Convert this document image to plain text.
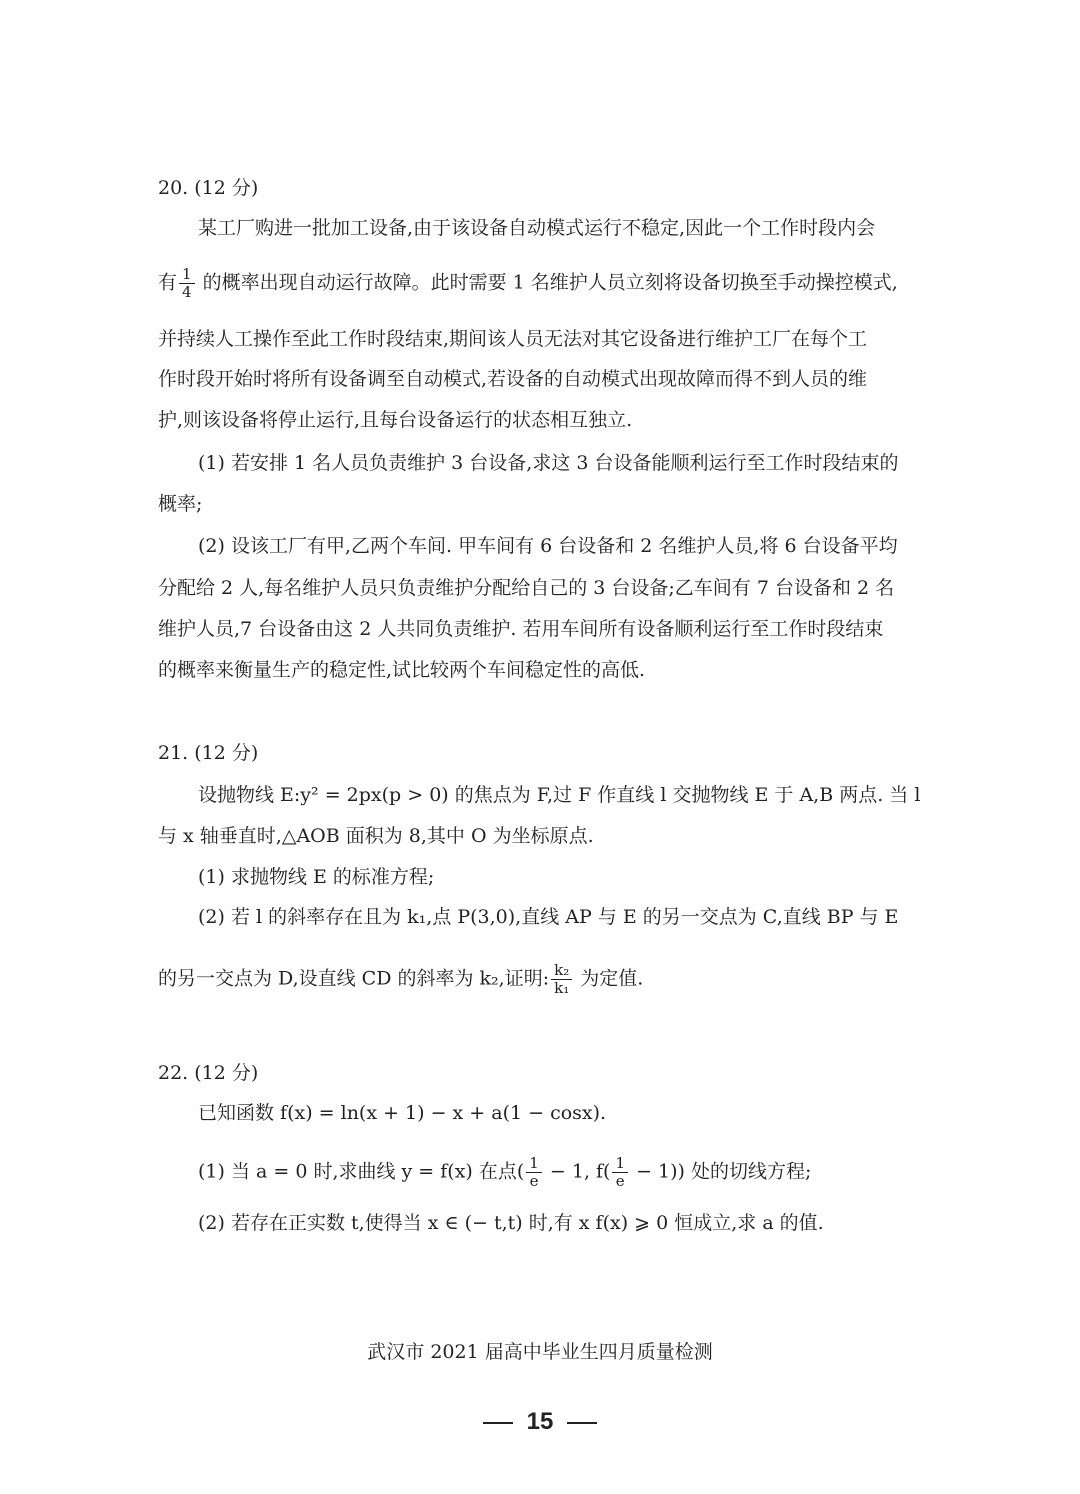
20. (12 分)
某工厂购进一批加工设备,由于该设备自动模式运行不稳定,因此一个工作时段内会
有 $\frac{1}{4}$ 的概率出现自动运行故障。此时需要 1 名维护人员立刻将设备切换至手动操控模式,
并持续人工操作至此工作时段结束,期间该人员无法对其它设备进行维护工厂在每个工
作时段开始时将所有设备调至自动模式,若设备的自动模式出现故障而得不到人员的维
护,则该设备将停止运行,且每台设备运行的状态相互独立.
(1) 若安排 1 名人员负责维护 3 台设备,求这 3 台设备能顺利运行至工作时段结束的
概率;
(2) 设该工厂有甲,乙两个车间. 甲车间有 6 台设备和 2 名维护人员,将 6 台设备平均
分配给 2 人,每名维护人员只负责维护分配给自己的 3 台设备;乙车间有 7 台设备和 2 名
维护人员,7 台设备由这 2 人共同负责维护. 若用车间所有设备顺利运行至工作时段结束
的概率来衡量生产的稳定性,试比较两个车间稳定性的高低.
21. (12 分)
设抛物线 E:y² = 2px(p > 0) 的焦点为 F,过 F 作直线 l 交抛物线 E 于 A,B 两点. 当 l
与 x 轴垂直时,△AOB 面积为 8,其中 O 为坐标原点.
(1) 求抛物线 E 的标准方程;
(2) 若 l 的斜率存在且为 k₁,点 P(3,0),直线 AP 与 E 的另一交点为 C,直线 BP 与 E
的另一交点为 D,设直线 CD 的斜率为 k₂,证明: $\frac{\text{k₂}}{\text{k₁}}$ 为定值.
22. (12 分)
已知函数 f(x) = ln(x + 1) − x + a(1 − cosx).
(1) 当 a = 0 时,求曲线 y = f(x) 在点( $\frac{1}{e} - 1$, $f( \frac{1}{e} - 1)$) 处的切线方程;
(2) 若存在正实数 t,使得当 x ∈ (− t,t) 时,有 x f(x) ⩾ 0 恒成立,求 a 的值.
武汉市 2021 届高中毕业生四月质量检测
15
